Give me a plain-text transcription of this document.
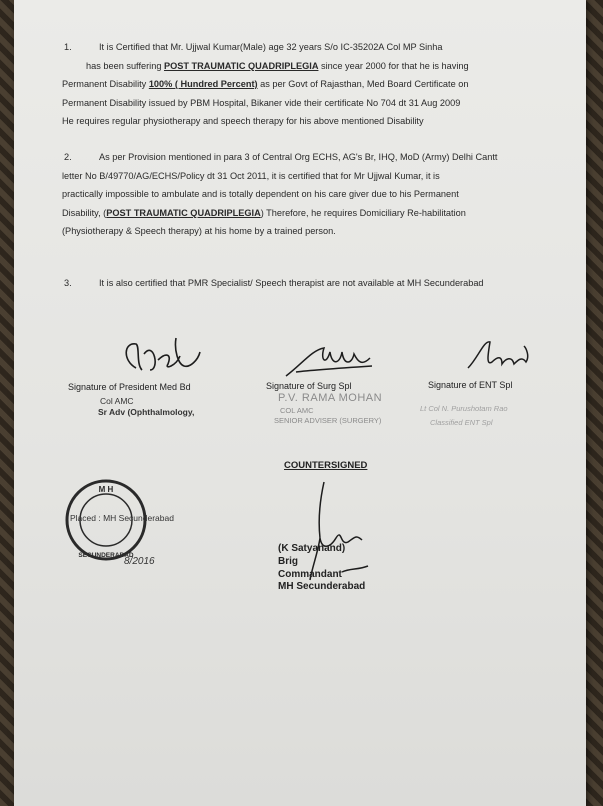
1.	It is Certified that Mr. Ujjwal Kumar(Male) age 32 years S/o IC-35202A Col MP Sinha
has been suffering POST TRAUMATIC QUADRIPLEGIA since year 2000 for that he is having
Permanent Disability 100% ( Hundred Percent) as per Govt of Rajasthan, Med Board Certificate on
Permanent Disability issued by PBM Hospital, Bikaner vide their certificate No 704 dt 31 Aug 2009
He requires regular physiotherapy and speech therapy for his above mentioned Disability
2.	As per Provision mentioned in para 3 of Central Org ECHS, AG's Br, IHQ, MoD (Army) Delhi Cantt
letter No B/49770/AG/ECHS/Policy dt 31 Oct 2011, it is certified that for Mr Ujjwal Kumar, it is
practically impossible to ambulate and is totally dependent on his care giver due to his Permanent
Disability, (POST TRAUMATIC QUADRIPLEGIA) Therefore, he requires Domiciliary Re-habilitation
(Physiotherapy & Speech therapy) at his home by a trained person.
3.	It is also certified that PMR Specialist/ Speech therapist are not available at MH Secunderabad
Signature of President Med Bd
Col AMC
Sr Adv (Ophthalmology,
Signature of Surg Spl
P.V. RAMA MOHAN
COL AMC
SENIOR ADVISER (SURGERY)
Signature of ENT Spl
Lt Col N. Purushotam Rao
Classified ENT Spl
COUNTERSIGNED
M H
SECUNDERABAD
Placed : MH Secunderabad
8/2016
(K Satyanand)
Brig
Commandant
MH Secunderabad
